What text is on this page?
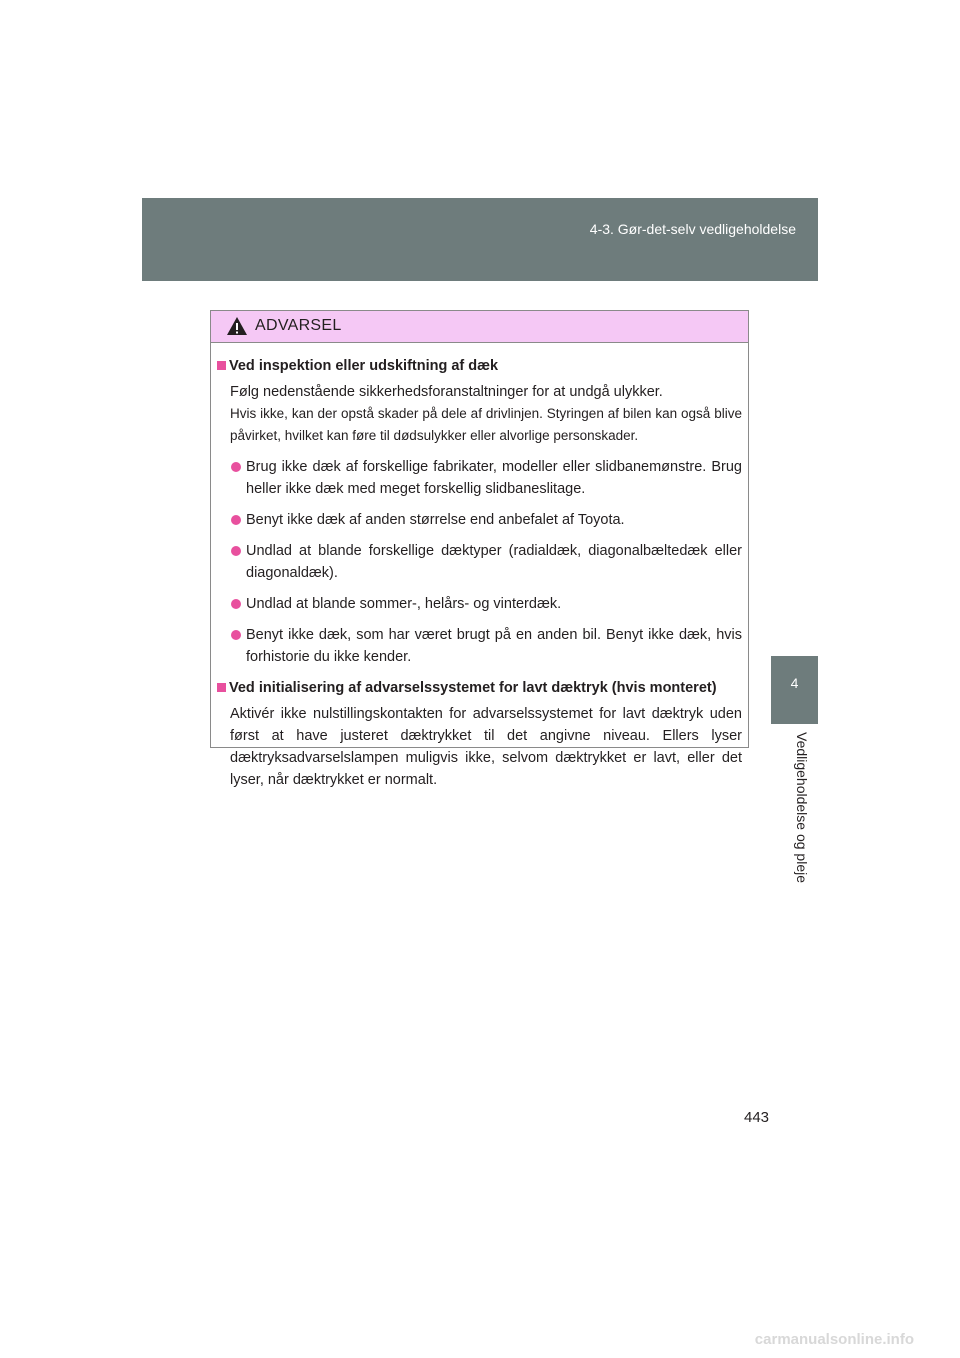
4-3. Gør-det-selv vedligeholdelse
4
Vedligeholdelse og pleje
ADVARSEL
Ved inspektion eller udskiftning af dæk
Følg nedenstående sikkerhedsforanstaltninger for at undgå ulykker.
Hvis ikke, kan der opstå skader på dele af drivlinjen. Styringen af bilen kan også blive påvirket, hvilket kan føre til dødsulykker eller alvorlige personskader.
Brug ikke dæk af forskellige fabrikater, modeller eller slidbanemønstre. Brug heller ikke dæk med meget forskellig slidbaneslitage.
Benyt ikke dæk af anden størrelse end anbefalet af Toyota.
Undlad at blande forskellige dæktyper (radialdæk, diagonalbæltedæk eller diagonaldæk).
Undlad at blande sommer-, helårs- og vinterdæk.
Benyt ikke dæk, som har været brugt på en anden bil. Benyt ikke dæk, hvis forhistorie du ikke kender.
Ved initialisering af advarselssystemet for lavt dæktryk (hvis monteret)
Aktivér ikke nulstillingskontakten for advarselssystemet for lavt dæktryk uden først at have justeret dæktrykket til det angivne niveau. Ellers lyser dæktryksadvarselslampen muligvis ikke, selvom dæktrykket er lavt, eller det lyser, når dæktrykket er normalt.
443
carmanualsonline.info
